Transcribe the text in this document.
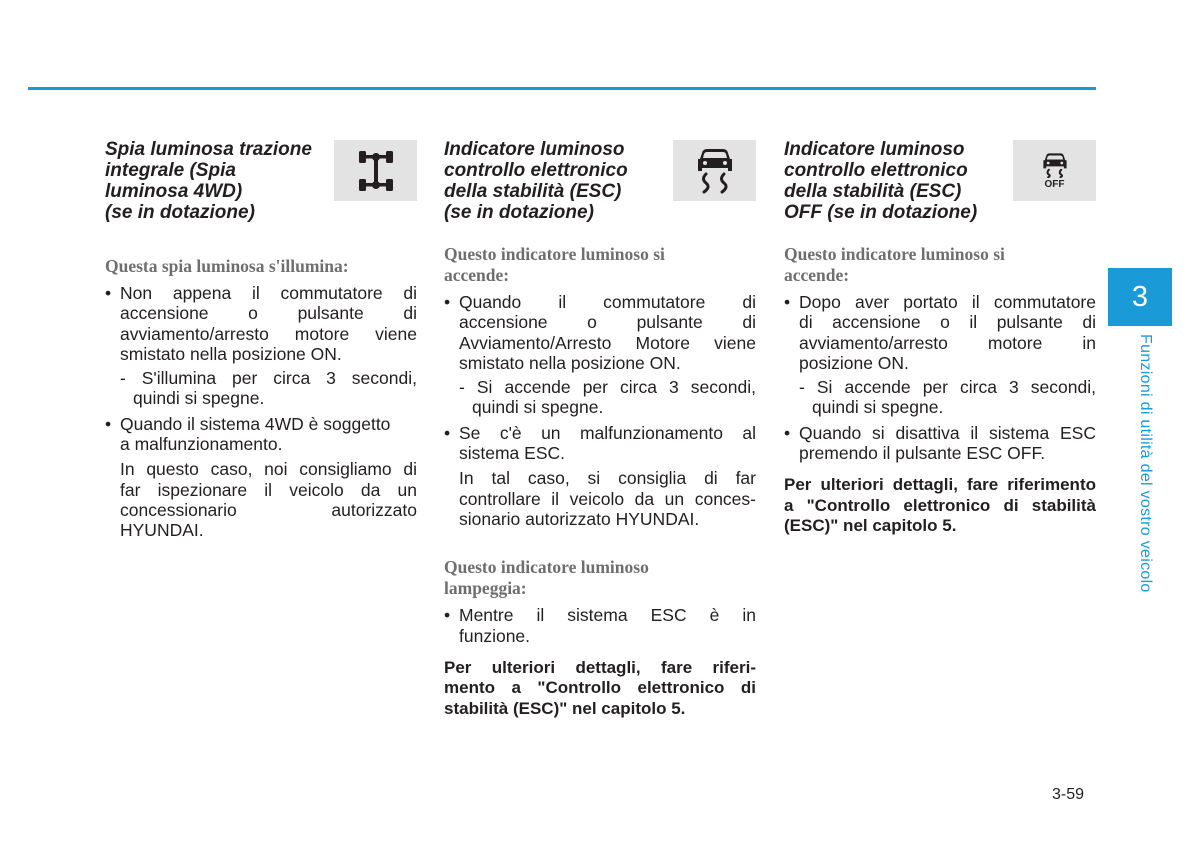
Spia luminosa trazione
integrale (Spia
luminosa 4WD)
(se in dotazione)
Questa spia luminosa s'illumina:
• Non appena il commutatore di
accensione o pulsante di
avviamento/arresto motore viene
smistato nella posizione ON.
- S'illumina per circa 3 secondi,
quindi si spegne.
• Quando il sistema 4WD è soggetto
a malfunzionamento.
In questo caso, noi consigliamo di
far ispezionare il veicolo da un
concessionario autorizzato
HYUNDAI.
Indicatore luminoso
controllo elettronico
della stabilità (ESC)
(se in dotazione)
Questo indicatore luminoso si
accende:
• Quando il commutatore di
accensione o pulsante di
Avviamento/Arresto Motore viene
smistato nella posizione ON.
- Si accende per circa 3 secondi,
quindi si spegne.
• Se c'è un malfunzionamento al
sistema ESC.
In tal caso, si consiglia di far
controllare il veicolo da un conces-
sionario autorizzato HYUNDAI.
Questo indicatore luminoso
lampeggia:
• Mentre il sistema ESC è in
funzione.
Per ulteriori dettagli, fare riferi-
mento a "Controllo elettronico di
stabilità (ESC)" nel capitolo 5.
Indicatore luminoso
controllo elettronico
della stabilità (ESC)
OFF (se in dotazione)
OFF
Questo indicatore luminoso si
accende:
• Dopo aver portato il commutatore
di accensione o il pulsante di
avviamento/arresto motore in
posizione ON.
- Si accende per circa 3 secondi,
quindi si spegne.
• Quando si disattiva il sistema ESC
premendo il pulsante ESC OFF.
Per ulteriori dettagli, fare riferimento
a "Controllo elettronico di stabilità
(ESC)" nel capitolo 5.
3
Funzioni di utilità del vostro veicolo
3-59
